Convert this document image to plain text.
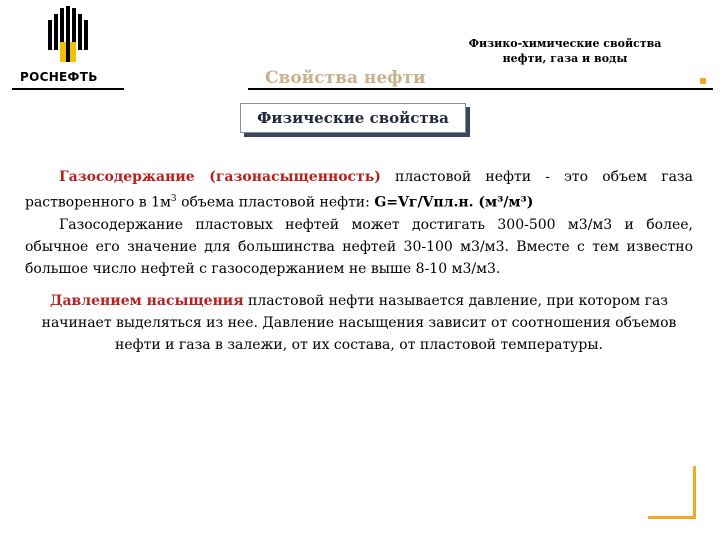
РОСНЕФТЬ	Свойства нефти
Физико-химические свойства
нефти, газа и воды
Физические свойства

Газосодержание (газонасыщенность) пластовой нефти - это объем газа растворенного в $1м^3$ объема пластовой нефти: G=Vг/Vпл.н. (м³/м³)

Газосодержание пластовых нефтей может достигать 300-500 м3/м3 и более, обычное его значение для большинства нефтей 30-100 м3/м3. Вместе с тем известно большое число нефтей с газосодержанием не выше 8-10 м3/м3.

Давлением насыщения пластовой нефти называется давление, при котором газ начинает выделяться из нее. Давление насыщения зависит от соотношения объемов нефти и газа в залежи, от их состава, от пластовой температуры.
